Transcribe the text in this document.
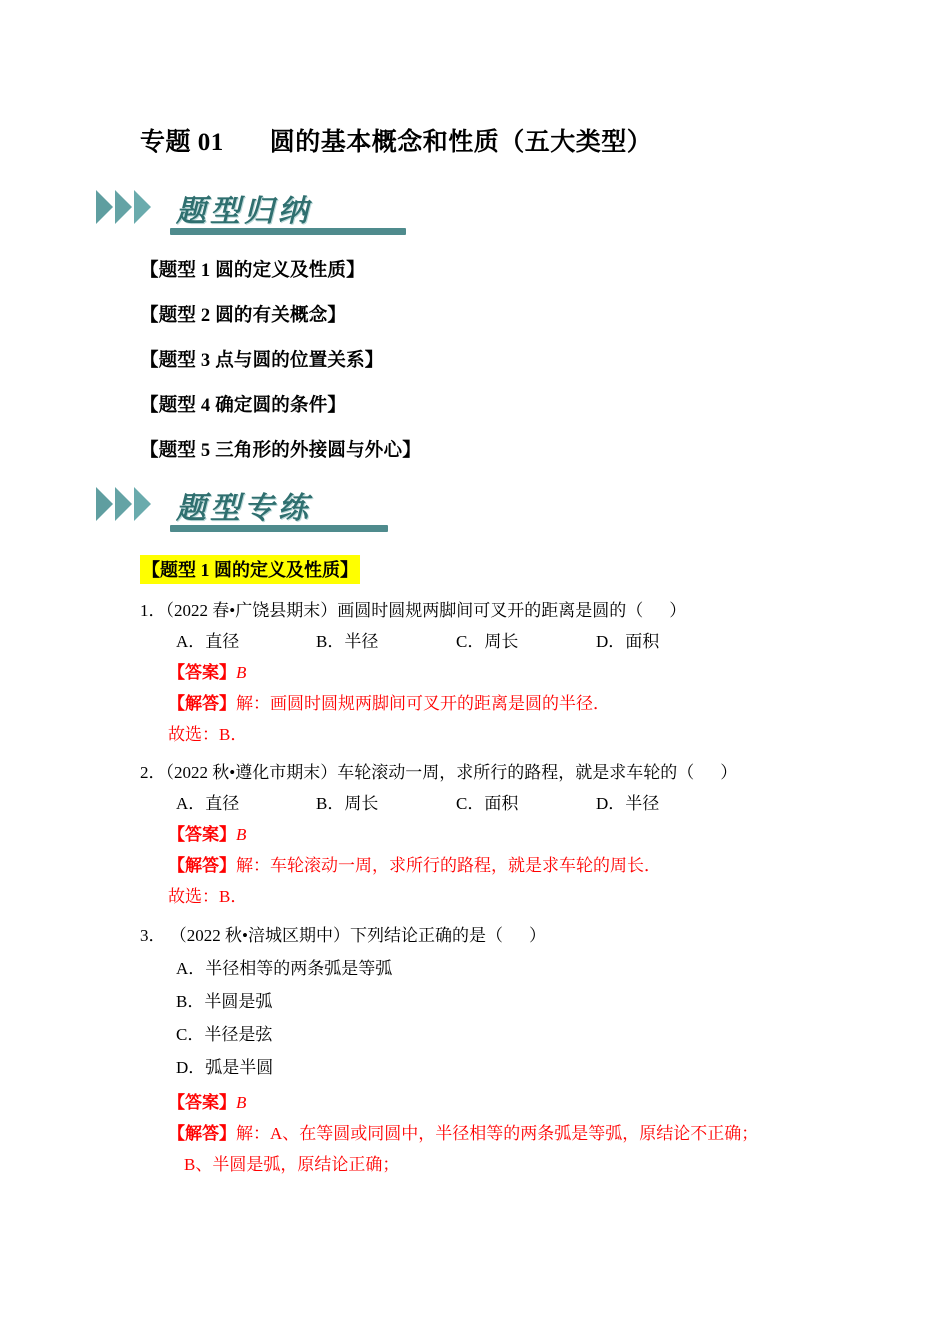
专题 01 圆的基本概念和性质（五大类型）
题型归纳
【题型 1 圆的定义及性质】
【题型 2 圆的有关概念】
【题型 3 点与圆的位置关系】
【题型 4 确定圆的条件】
【题型 5 三角形的外接圆与外心】
题型专练
【题型 1 圆的定义及性质】
1．（2022 春•广饶县期末）画圆时圆规两脚间可叉开的距离是圆的（ ）
A．直径	B．半径	C．周长	D．面积
【答案】B
【解答】解：画圆时圆规两脚间可叉开的距离是圆的半径．
故选：B．
2．（2022 秋•遵化市期末）车轮滚动一周，求所行的路程，就是求车轮的（ ）
A．直径	B．周长	C．面积	D．半径
【答案】B
【解答】解：车轮滚动一周，求所行的路程，就是求车轮的周长．
故选：B．
3． （2022 秋•涪城区期中）下列结论正确的是（ ）
A．半径相等的两条弧是等弧
B．半圆是弧
C．半径是弦
D．弧是半圆
【答案】B
【解答】解：A、在等圆或同圆中，半径相等的两条弧是等弧，原结论不正确；
B、半圆是弧，原结论正确；
